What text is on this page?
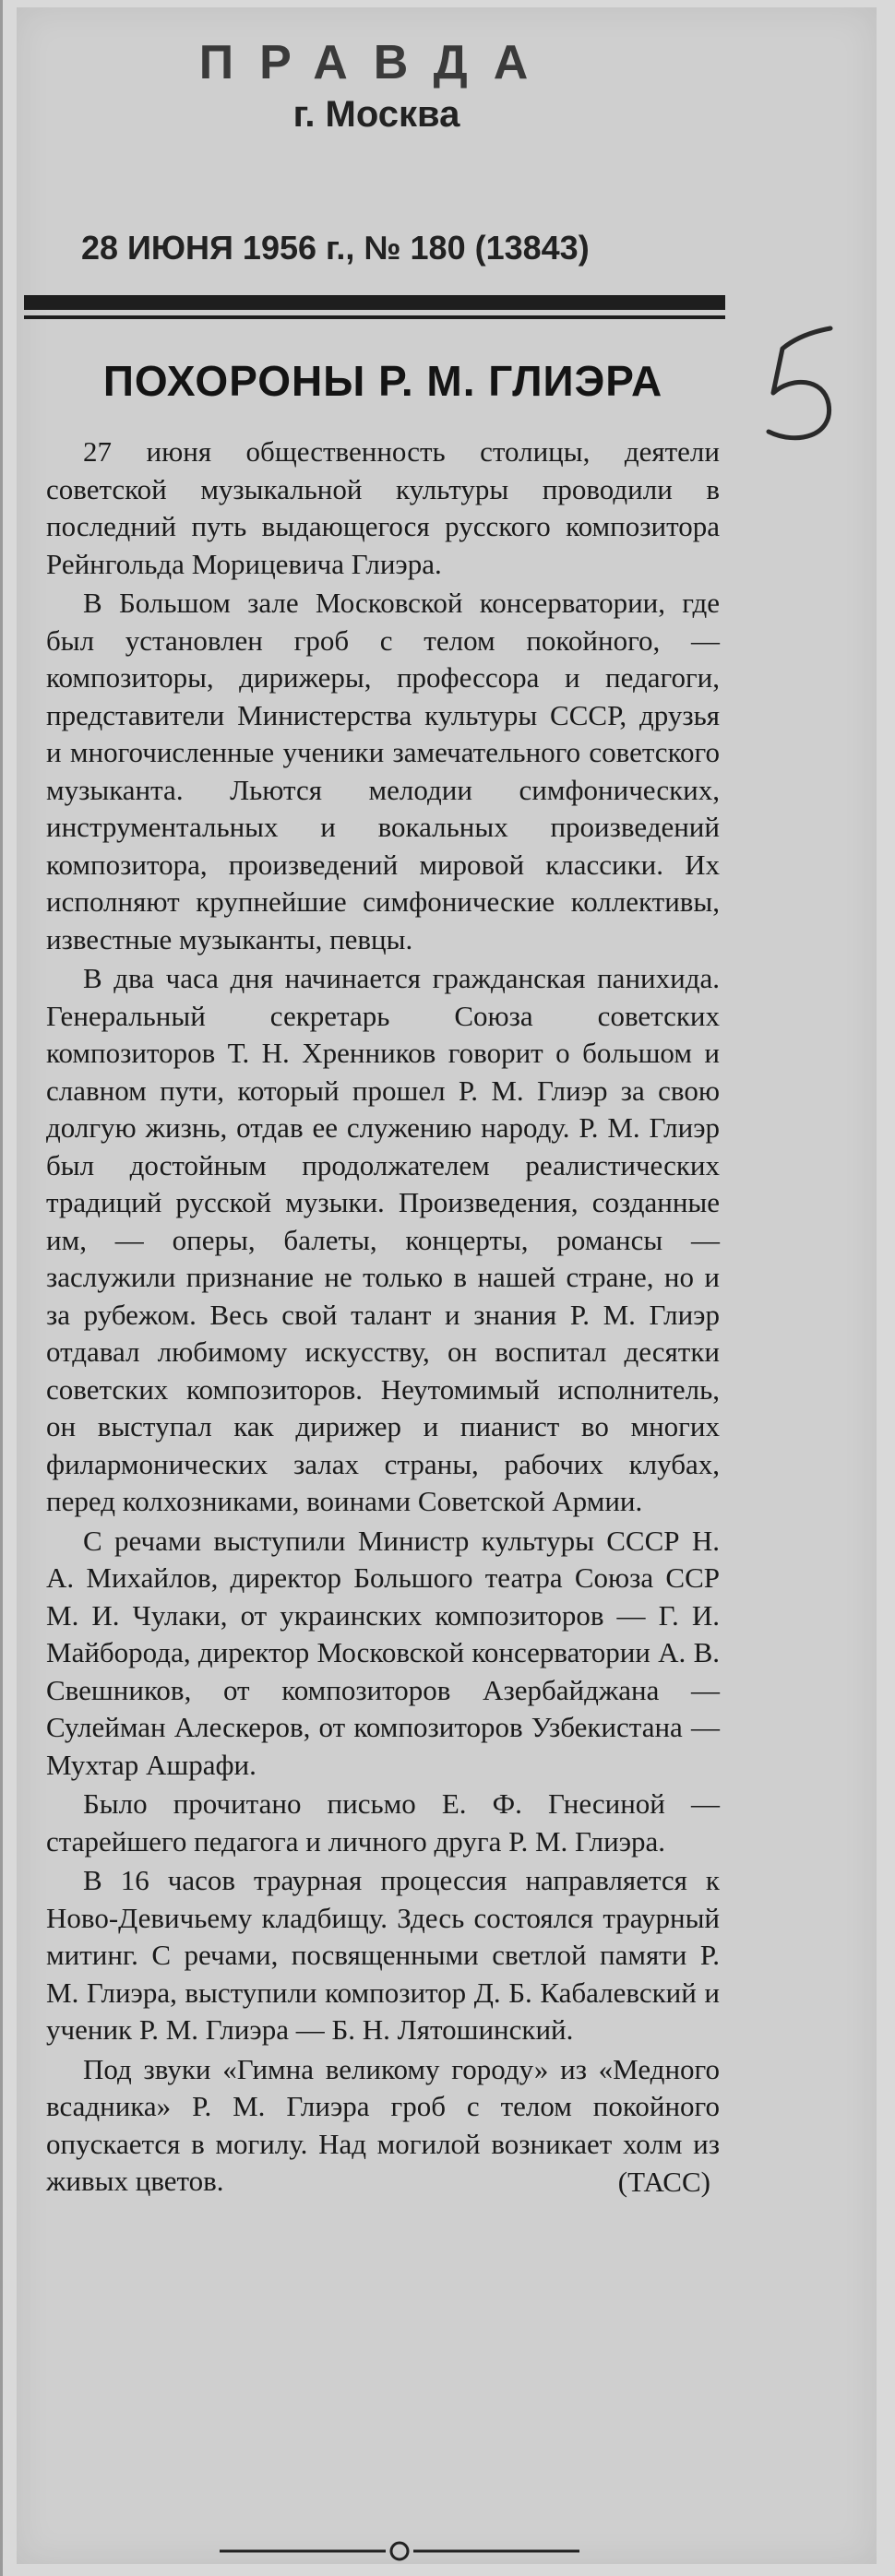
ПРАВДА
г. Москва
28 ИЮНЯ 1956 г., № 180 (13843)
ПОХОРОНЫ Р. М. ГЛИЭРА

27 июня общественность столицы, деятели советской музыкальной культуры проводили в последний путь выдающегося русского композитора Рейнгольда Морицевича Глиэра.

В Большом зале Московской консерватории, где был установлен гроб с телом покойного, — композиторы, дирижеры, профессора и педагоги, представители Министерства культуры СССР, друзья и многочисленные ученики замечательного советского музыканта. Льются мелодии симфонических, инструментальных и вокальных произведений композитора, произведений мировой классики. Их исполняют крупнейшие симфонические коллективы, известные музыканты, певцы.

В два часа дня начинается гражданская панихида. Генеральный секретарь Союза советских композиторов Т. Н. Хренников говорит о большом и славном пути, который прошел Р. М. Глиэр за свою долгую жизнь, отдав ее служению народу. Р. М. Глиэр был достойным продолжателем реалистических традиций русской музыки. Произведения, созданные им, — оперы, балеты, концерты, романсы — заслужили признание не только в нашей стране, но и за рубежом. Весь свой талант и знания Р. М. Глиэр отдавал любимому искусству, он воспитал десятки советских композиторов. Неутомимый исполнитель, он выступал как дирижер и пианист во многих филармонических залах страны, рабочих клубах, перед колхозниками, воинами Советской Армии.

С речами выступили Министр культуры СССР Н. А. Михайлов, директор Большого театра Союза ССР М. И. Чулаки, от украинских композиторов — Г. И. Майборода, директор Московской консерватории А. В. Свешников, от композиторов Азербайджана — Сулейман Алескеров, от композиторов Узбекистана — Мухтар Ашрафи.

Было прочитано письмо Е. Ф. Гнесиной — старейшего педагога и личного друга Р. М. Глиэра.

В 16 часов траурная процессия направляется к Ново-Девичьему кладбищу. Здесь состоялся траурный митинг. С речами, посвященными светлой памяти Р. М. Глиэра, выступили композитор Д. Б. Кабалевский и ученик Р. М. Глиэра — Б. Н. Лятошинский.

Под звуки «Гимна великому городу» из «Медного всадника» Р. М. Глиэра гроб с телом покойного опускается в могилу. Над могилой возникает холм из живых цветов.	(ТАСС)
